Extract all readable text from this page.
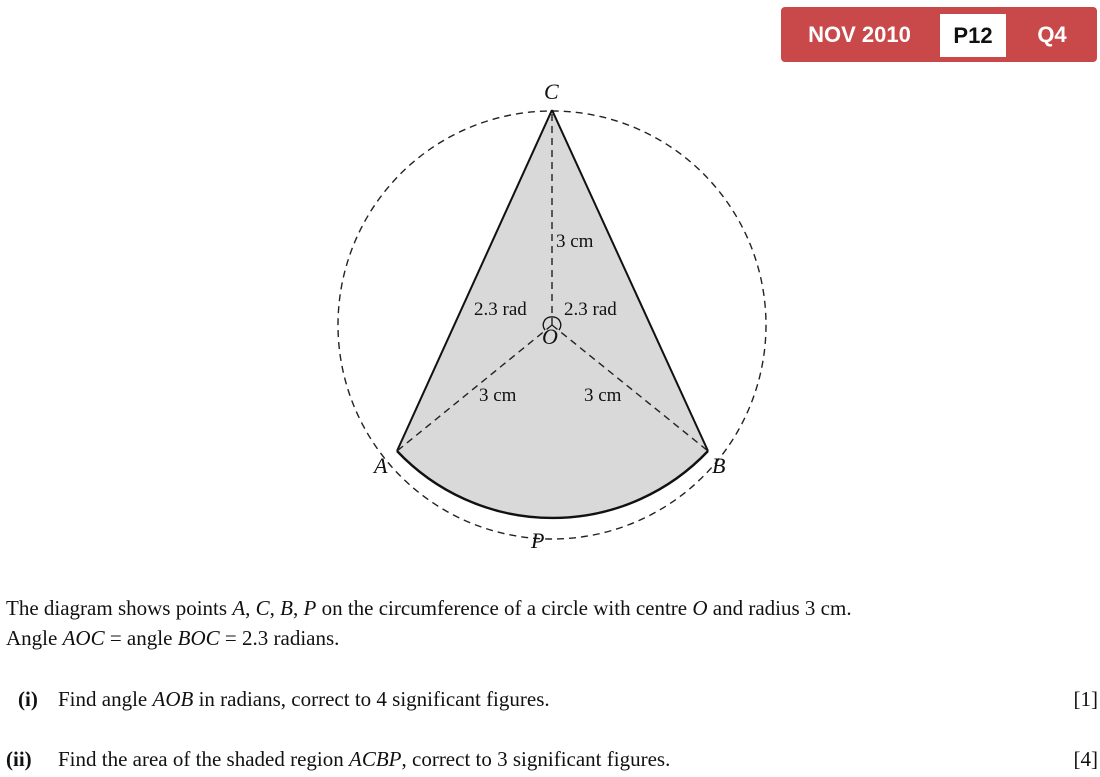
NOV 2010	P12	Q4
3 cm
2.3 rad 2.3 rad
3 cm	3 cm
C
O
A	B
P
The diagram shows points A, C, B, P on the circumference of a circle with centre O and radius 3 cm.
Angle AOC = angle BOC = 2.3 radians.
(i) Find angle AOB in radians, correct to 4 significant figures.	[1]
(ii) Find the area of the shaded region ACBP, correct to 3 significant figures.	[4]
